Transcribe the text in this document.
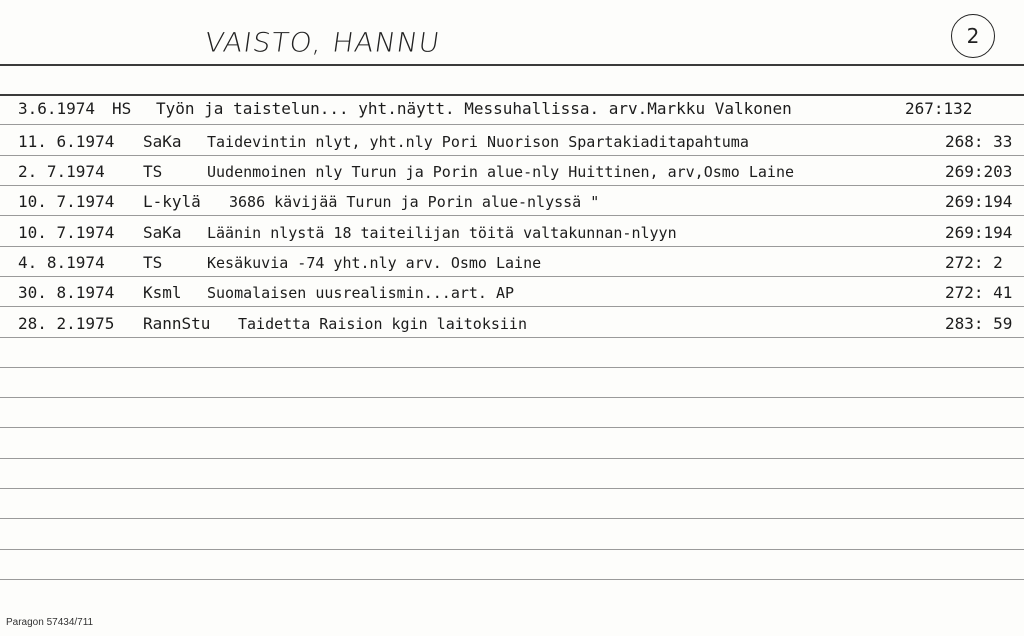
VAISTO, HANNU	2
3.6.1974 HS Työn ja taistelun... yht.näytt. Messuhallissa. arv.Markku Valkonen	267:132
11. 6.1974 SaKa Taidevintin nlyt, yht.nly Pori Nuorison Spartakiaditapahtuma	268: 33
2. 7.1974 TS	Uudenmoinen nly Turun ja Porin alue-nly Huittinen, arv,Osmo Laine	269:203
10. 7.1974 L-kylä 3686 kävijää Turun ja Porin alue-nlyssä "	269:194
10. 7.1974 SaKa Läänin nlystä 18 taiteilijan töitä valtakunnan-nlyyn	269:194
4. 8.1974 TS	Kesäkuvia -74 yht.nly arv. Osmo Laine	272: 2
30. 8.1974 Ksml Suomalaisen uusrealismin...art. AP	272: 41
28. 2.1975 RannStu Taidetta Raision kgin laitoksiin	283: 59
Paragon 57434/711
